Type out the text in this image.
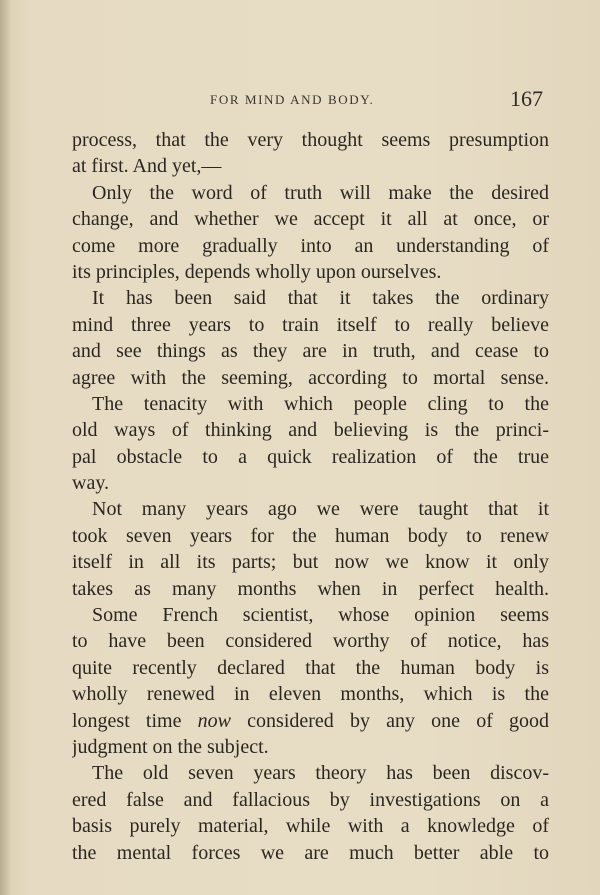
FOR MIND AND BODY.	167
process, that the very thought seems presumption
at first. And yet,—
Only the word of truth will make the desired
change, and whether we accept it all at once, or
come more gradually into an understanding of
its principles, depends wholly upon ourselves.
It has been said that it takes the ordinary
mind three years to train itself to really believe
and see things as they are in truth, and cease to
agree with the seeming, according to mortal sense.
The tenacity with which people cling to the
old ways of thinking and believing is the princi-
pal obstacle to a quick realization of the true
way.
Not many years ago we were taught that it
took seven years for the human body to renew
itself in all its parts; but now we know it only
takes as many months when in perfect health.
Some French scientist, whose opinion seems
to have been considered worthy of notice, has
quite recently declared that the human body is
wholly renewed in eleven months, which is the
longest time now considered by any one of good
judgment on the subject.
The old seven years theory has been discov-
ered false and fallacious by investigations on a
basis purely material, while with a knowledge of
the mental forces we are much better able to
